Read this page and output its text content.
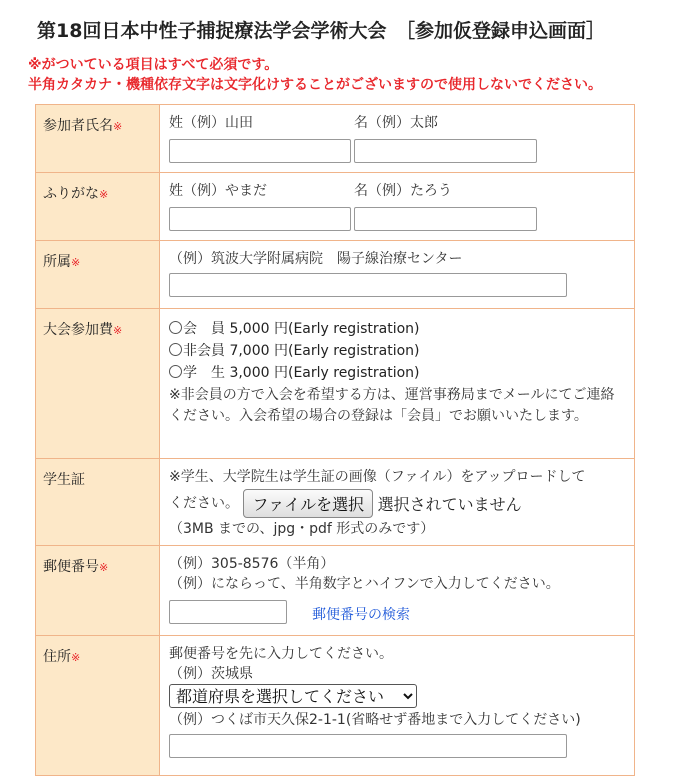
第18回日本中性子捕捉療法学会学術大会　［参加仮登録申込画面］
※がついている項目はすべて必須です。
半角カタカナ・機種依存文字は文字化けすることがございますので使用しないでください。
参加者氏名※	姓（例）山田 名（例）太郎

ふりがな※	姓（例）やまだ 名（例）たろう

所属※	（例）筑波大学附属病院　陽子線治療センター

大会参加費※	会　員 5,000 円(Early registration)
非会員 7,000 円(Early registration)
学　生 3,000 円(Early registration)
※非会員の方で入会を希望する方は、運営事務局までメールにてご連絡ください。入会希望の場合の登録は「会員」でお願いいたします。

学生証	※学生、大学院生は学生証の画像（ファイル）をアップロードして
ください。 ファイルを選択 選択されていません
（3MB までの、jpg・pdf 形式のみです）

郵便番号※	（例）305-8576（半角）
（例）にならって、半角数字とハイフンで入力してください。
郵便番号の検索

住所※	郵便番号を先に入力してください。
（例）茨城県
都道府県を選択してください
（例）つくば市天久保2-1-1(省略せず番地まで入力してください)
